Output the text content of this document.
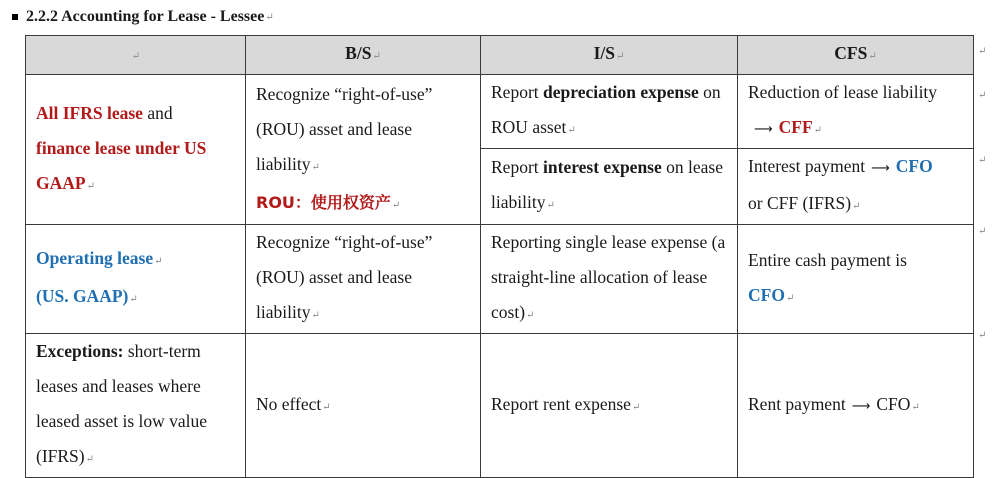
2.2.2 Accounting for Lease - Lessee ↵
↵	B/S↵	I/S↵	CFS↵
All IFRS lease and
finance lease under US GAAP↵	Recognize “right-of-use” (ROU) asset and lease liability↵
ROU：使用权资产↵	Report depreciation expense on ROU asset↵	Reduction of lease liability
⟶ CFF↵
		Report interest expense on lease liability↵	Interest payment ⟶ CFO
or CFF (IFRS)↵
Operating lease↵
(US. GAAP)↵	Recognize “right-of-use” (ROU) asset and lease liability↵	Reporting single lease expense (a straight-line allocation of lease cost)↵	Entire cash payment is
CFO↵
Exceptions: short-term leases and leases where leased asset is low value (IFRS)↵	No effect↵	Report rent expense↵	Rent payment ⟶ CFO↵
↵
↵
↵
↵
↵
